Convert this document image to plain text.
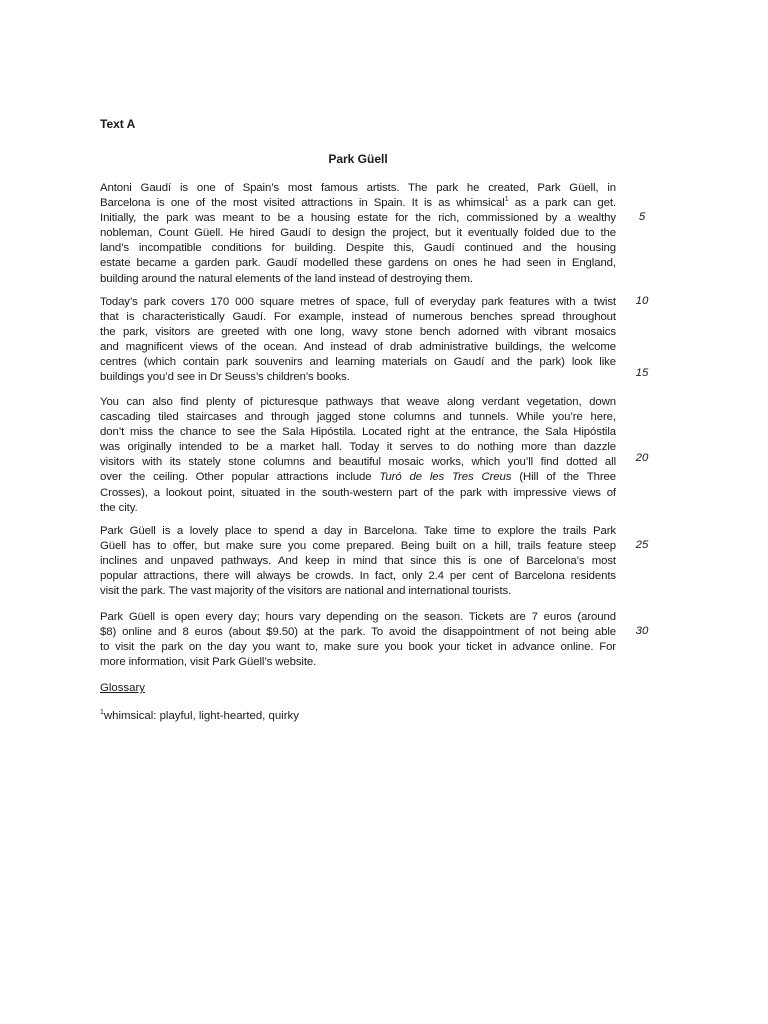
Text A
Park Güell

Antoni Gaudí is one of Spain’s most famous artists. The park he created, Park Güell, in
Barcelona is one of the most visited attractions in Spain. It is as whimsical$^1$ as a park can get.
Initially, the park was meant to be a housing estate for the rich, commissioned by a wealthy
nobleman, Count Güell. He hired Gaudí to design the project, but it eventually folded due to the
land’s incompatible conditions for building. Despite this, Gaudí continued and the housing
estate became a garden park. Gaudí modelled these gardens on ones he had seen in England,
building around the natural elements of the land instead of destroying them.

Today’s park covers 170 000 square metres of space, full of everyday park features with a twist
that is characteristically Gaudí. For example, instead of numerous benches spread throughout
the park, visitors are greeted with one long, wavy stone bench adorned with vibrant mosaics
and magnificent views of the ocean. And instead of drab administrative buildings, the welcome
centres (which contain park souvenirs and learning materials on Gaudí and the park) look like
buildings you’d see in Dr Seuss’s children’s books.

You can also find plenty of picturesque pathways that weave along verdant vegetation, down
cascading tiled staircases and through jagged stone columns and tunnels. While you’re here,
don’t miss the chance to see the Sala Hipóstila. Located right at the entrance, the Sala Hipóstila
was originally intended to be a market hall. Today it serves to do nothing more than dazzle
visitors with its stately stone columns and beautiful mosaic works, which you’ll find dotted all
over the ceiling. Other popular attractions include Turó de les Tres Creus (Hill of the Three
Crosses), a lookout point, situated in the south-western part of the park with impressive views of
the city.

Park Güell is a lovely place to spend a day in Barcelona. Take time to explore the trails Park
Güell has to offer, but make sure you come prepared. Being built on a hill, trails feature steep
inclines and unpaved pathways. And keep in mind that since this is one of Barcelona’s most
popular attractions, there will always be crowds. In fact, only 2.4 per cent of Barcelona residents
visit the park. The vast majority of the visitors are national and international tourists.

Park Güell is open every day; hours vary depending on the season. Tickets are 7 euros (around
$8) online and 8 euros (about $9.50) at the park. To avoid the disappointment of not being able
to visit the park on the day you want to, make sure you book your ticket in advance online. For
more information, visit Park Güell’s website.

5
10
15
20
25
30
Glossary
$^1$whimsical: playful, light-hearted, quirky
